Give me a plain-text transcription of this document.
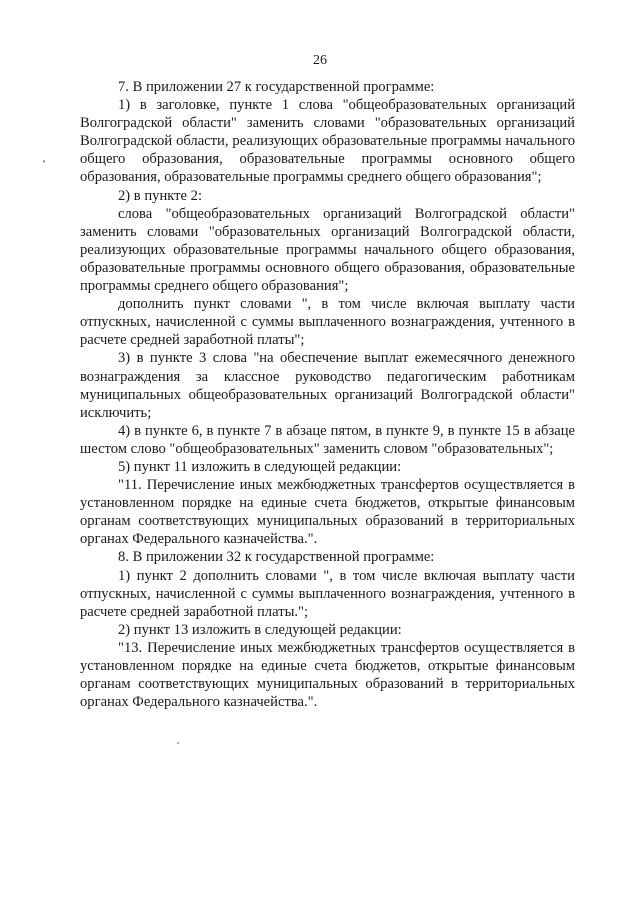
26

7. В приложении 27 к государственной программе:

1) в заголовке, пункте 1 слова "общеобразовательных организаций Волгоградской области" заменить словами "образовательных организаций Волгоградской области, реализующих образовательные программы начального общего образования, образовательные программы основного общего образования, образовательные программы среднего общего образования";

2) в пункте 2:

слова "общеобразовательных организаций Волгоградской области" заменить словами "образовательных организаций Волгоградской области, реализующих образовательные программы начального общего образования, образовательные программы основного общего образования, образовательные программы среднего общего образования";

дополнить пункт словами ", в том числе включая выплату части отпускных, начисленной с суммы выплаченного вознаграждения, учтенного в расчете средней заработной платы";

3) в пункте 3 слова "на обеспечение выплат ежемесячного денежного вознаграждения за классное руководство педагогическим работникам муниципальных общеобразовательных организаций Волгоградской области" исключить;

4) в пункте 6, в пункте 7 в абзаце пятом, в пункте 9, в пункте 15 в абзаце шестом слово "общеобразовательных" заменить словом "образовательных";

5) пункт 11 изложить в следующей редакции:

"11. Перечисление иных межбюджетных трансфертов осуществляется в установленном порядке на единые счета бюджетов, открытые финансовым органам соответствующих муниципальных образований в территориальных органах Федерального казначейства.".

8. В приложении 32 к государственной программе:

1) пункт 2 дополнить словами ", в том числе включая выплату части отпускных, начисленной с суммы выплаченного вознаграждения, учтенного в расчете средней заработной платы.";

2) пункт 13 изложить в следующей редакции:

"13. Перечисление иных межбюджетных трансфертов осуществляется в установленном порядке на единые счета бюджетов, открытые финансовым органам соответствующих муниципальных образований в территориальных органах Федерального казначейства.".
